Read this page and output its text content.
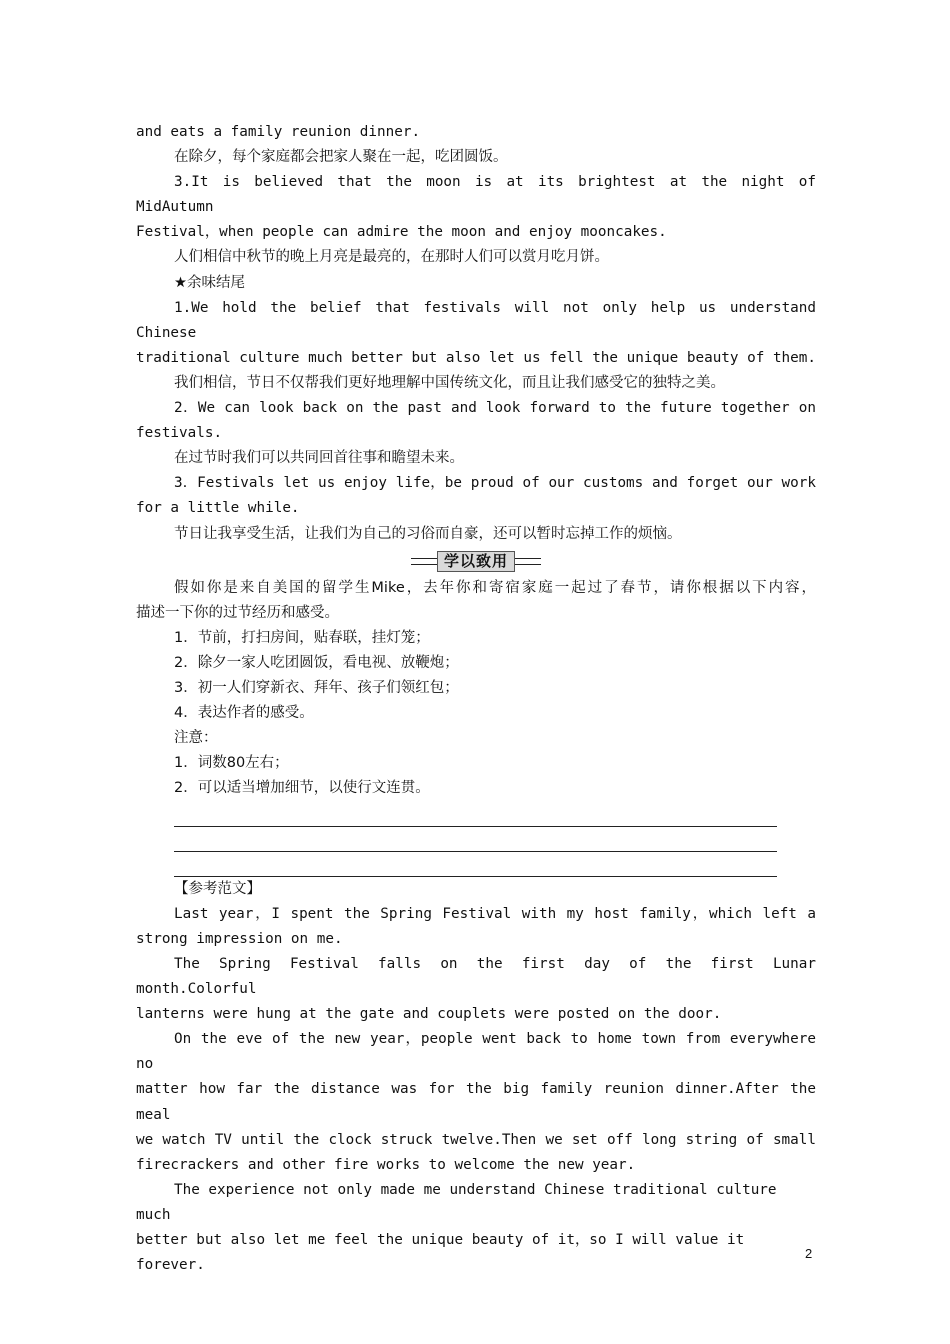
and eats a family reunion dinner.

在除夕，每个家庭都会把家人聚在一起，吃团圆饭。

3.It is believed that the moon is at its brightest at the night of MidAutumn

Festival，when people can admire the moon and enjoy mooncakes.

人们相信中秋节的晚上月亮是最亮的，在那时人们可以赏月吃月饼。

★余味结尾

1.We hold the belief that festivals will not only help us understand Chinese

traditional culture much better but also let us fell the unique beauty of them.

我们相信，节日不仅帮我们更好地理解中国传统文化，而且让我们感受它的独特之美。

2．We can look back on the past and look forward to the future together on

festivals.

在过节时我们可以共同回首往事和瞻望未来。

3．Festivals let us enjoy life，be proud of our customs and forget our work

for a little while.

节日让我享受生活，让我们为自己的习俗而自豪，还可以暂时忘掉工作的烦恼。

学以致用

假如你是来自美国的留学生Mike，去年你和寄宿家庭一起过了春节，请你根据以下内容，

描述一下你的过节经历和感受。

1．节前，打扫房间，贴春联，挂灯笼；

2．除夕一家人吃团圆饭，看电视、放鞭炮；

3．初一人们穿新衣、拜年、孩子们领红包；

4．表达作者的感受。

注意：

1．词数80左右；

2．可以适当增加细节，以使行文连贯。

【参考范文】

Last year，I spent the Spring Festival with my host family，which left a

strong impression on me.

The Spring Festival falls on the first day of the first Lunar month.Colorful

lanterns were hung at the gate and couplets were posted on the door.

On the eve of the new year，people went back to home town from everywhere no

matter how far the distance was for the big family reunion dinner.After the meal

we watch TV until the clock struck twelve.Then we set off long string of small

firecrackers and other fire works to welcome the new year.

The experience not only made me understand Chinese traditional culture much

better but also let me feel the unique beauty of it，so I will value it forever.

2
